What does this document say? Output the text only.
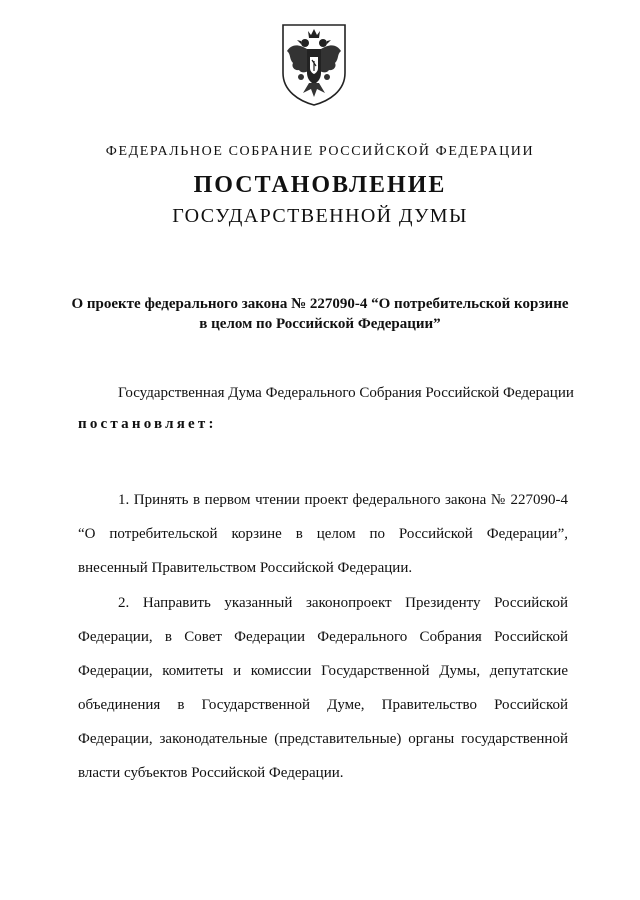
ФЕДЕРАЛЬНОЕ СОБРАНИЕ РОССИЙСКОЙ ФЕДЕРАЦИИ
ПОСТАНОВЛЕНИЕ
ГОСУДАРСТВЕННОЙ ДУМЫ
О проекте федерального закона № 227090-4 “О потребительской корзине
в целом по Российской Федерации”
Государственная Дума Федерального Собрания Российской Федерации
постановляет:

1. Принять в первом чтении проект федерального закона № 227090-4 “О потребительской корзине в целом по Российской Федерации”, внесенный Правительством Российской Федерации.

2. Направить указанный законопроект Президенту Российской Федерации, в Совет Федерации Федерального Собрания Российской Федерации, комитеты и комиссии Государственной Думы, депутатские объединения в Государственной Думе, Правительство Российской Федерации, законодательные (представительные) органы государственной власти субъектов Российской Федерации.
